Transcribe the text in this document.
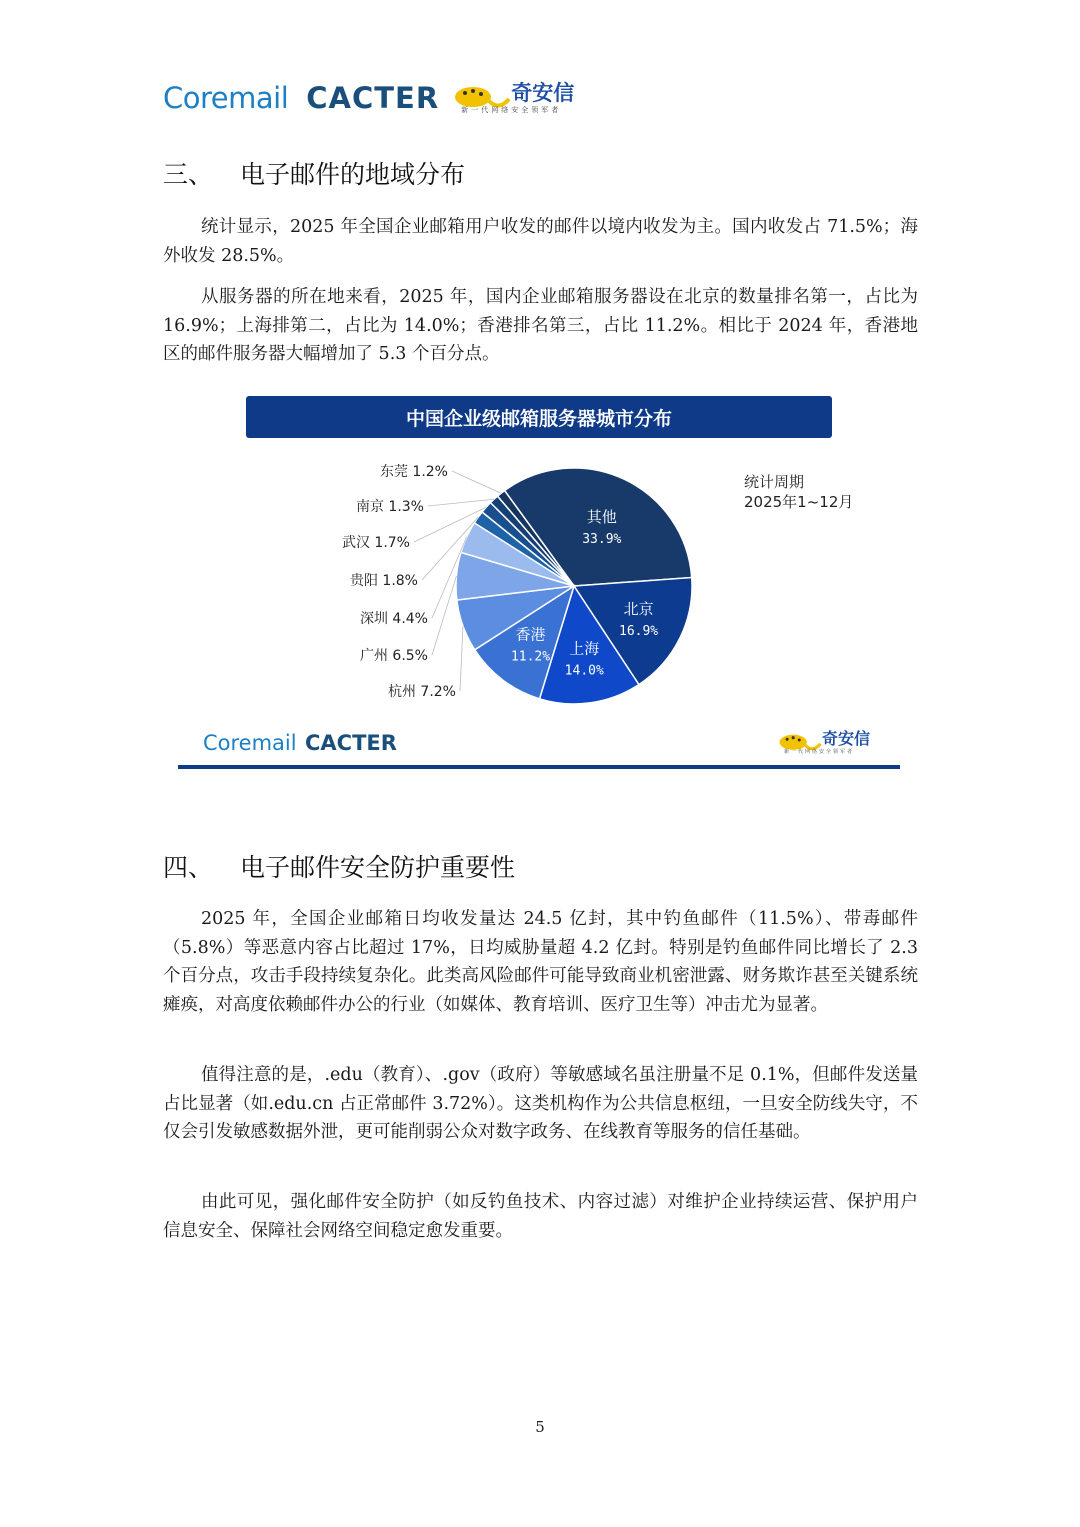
Coremail CACTER	奇安信
新一代网络安全领军者
三、	电子邮件的地域分布

统计显示，2025 年全国企业邮箱用户收发的邮件以境内收发为主。国内收发占 71.5%；海外收发 28.5%。

从服务器的所在地来看，2025 年，国内企业邮箱服务器设在北京的数量排名第一，占比为 16.9%；上海排第二，占比为 14.0%；香港排名第三，占比 11.2%。相比于 2024 年，香港地区的邮件服务器大幅增加了 5.3 个百分点。

中国企业级邮箱服务器城市分布
其他
33.9%
北京
16.9%
上海
14.0%
香港
11.2%
杭州 7.2%
广州 6.5%
深圳 4.4%
贵阳 1.8%
武汉 1.7%
南京 1.3%
东莞 1.2%
统计周期
2025年1~12月
Coremail CACTER	奇安信
新一代网络安全领军者
四、	电子邮件安全防护重要性

2025 年，全国企业邮箱日均收发量达 24.5 亿封，其中钓鱼邮件（11.5%）、带毒邮件（5.8%）等恶意内容占比超过 17%，日均威胁量超 4.2 亿封。特别是钓鱼邮件同比增长了 2.3 个百分点，攻击手段持续复杂化。此类高风险邮件可能导致商业机密泄露、财务欺诈甚至关键系统瘫痪，对高度依赖邮件办公的行业（如媒体、教育培训、医疗卫生等）冲击尤为显著。

值得注意的是，.edu（教育）、.gov（政府）等敏感域名虽注册量不足 0.1%，但邮件发送量占比显著（如.edu.cn 占正常邮件 3.72%）。这类机构作为公共信息枢纽，一旦安全防线失守，不仅会引发敏感数据外泄，更可能削弱公众对数字政务、在线教育等服务的信任基础。

由此可见，强化邮件安全防护（如反钓鱼技术、内容过滤）对维护企业持续运营、保护用户信息安全、保障社会网络空间稳定愈发重要。

5
